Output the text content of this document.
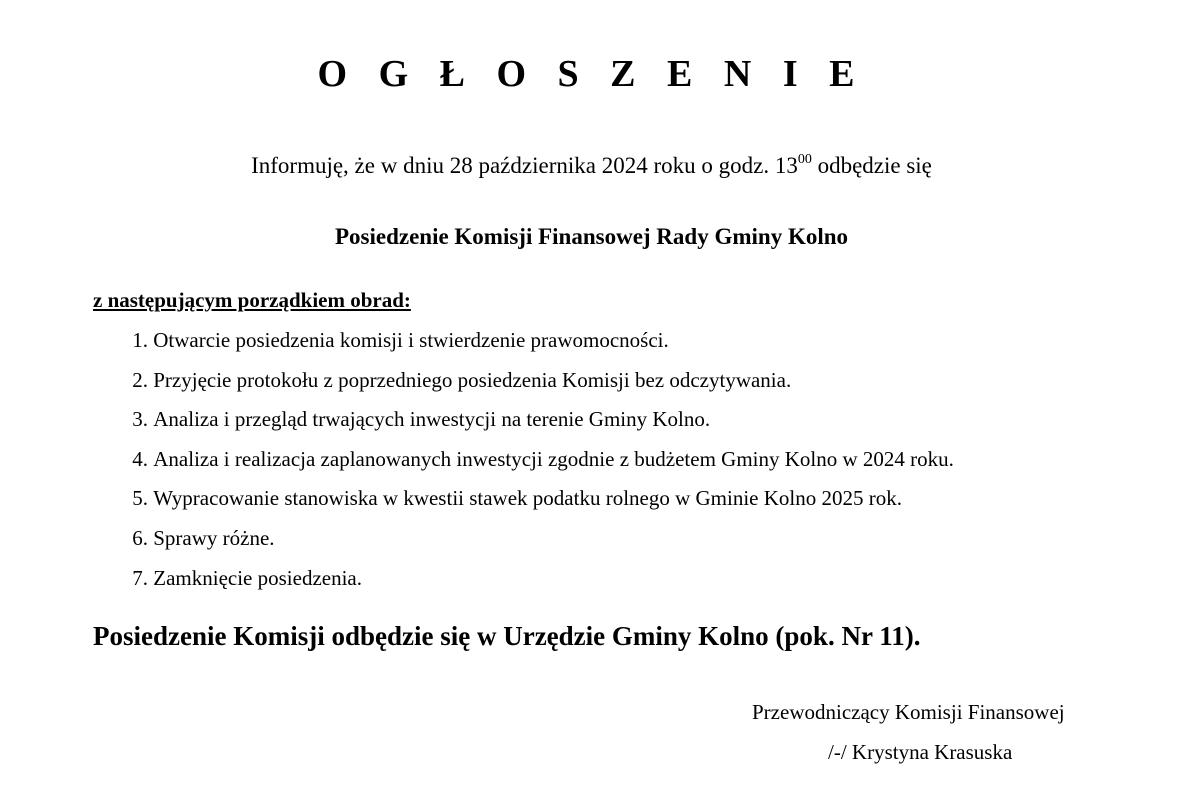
O G Ł O S Z E N I E
Informuję, że w dniu 28 października 2024 roku o godz. $13^{00}$ odbędzie się
Posiedzenie Komisji Finansowej Rady Gminy Kolno
z następującym porządkiem obrad:
1.
Otwarcie posiedzenia komisji i stwierdzenie prawomocności.
2.
Przyjęcie protokołu z poprzedniego posiedzenia Komisji bez odczytywania.
3.
Analiza i przegląd trwających inwestycji na terenie Gminy Kolno.
4.
Analiza i realizacja zaplanowanych inwestycji zgodnie z budżetem Gminy Kolno w 2024 roku.
5.
Wypracowanie stanowiska w kwestii stawek podatku rolnego w Gminie Kolno 2025 rok.
6.
Sprawy różne.
7.
Zamknięcie posiedzenia.
Posiedzenie Komisji odbędzie się w Urzędzie Gminy Kolno (pok. Nr 11).
Przewodniczący Komisji Finansowej
/-/ Krystyna Krasuska
